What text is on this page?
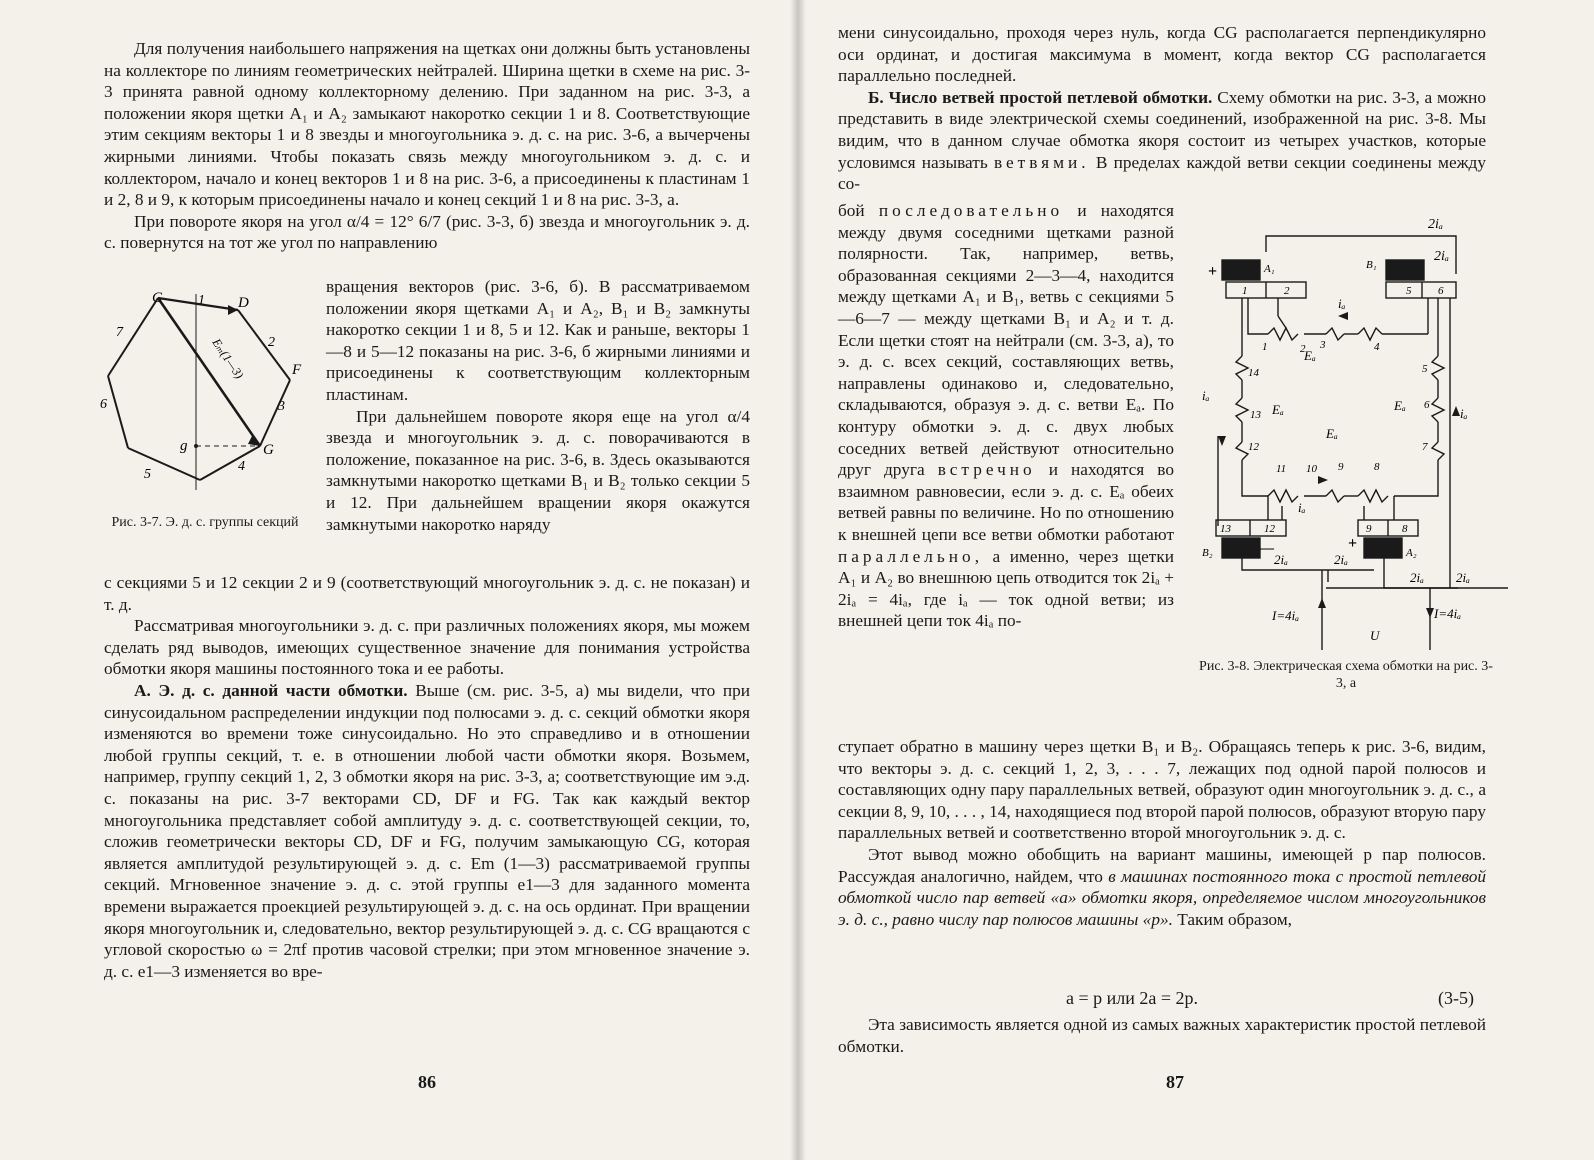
Для получения наибольшего напряжения на щетках они должны быть установлены на коллекторе по линиям геометрических нейтралей. Ширина щетки в схеме на рис. 3-3 принята равной одному коллекторному делению. При заданном на рис. 3-3, а положении якоря щетки A₁ и A₂ замыкают накоротко секции 1 и 8. Соответствующие этим секциям векторы 1 и 8 звезды и многоугольника э. д. с. на рис. 3-6, а вычерчены жирными линиями. Чтобы показать связь между многоугольником э. д. с. и коллектором, начало и конец векторов 1 и 8 на рис. 3-6, а присоединены к пластинам 1 и 2, 8 и 9, к которым присоединены начало и конец секций 1 и 8 на рис. 3-3, а.

При повороте якоря на угол α/4 = 12° 6/7 (рис. 3-3, б) звезда и многоугольник э. д. с. повернутся на тот же угол по направлению

C	D
F
G
g
1
2
3
4
5
6
7
Eₘ(1—3)
Рис. 3-7. Э. д. с. группы секций

вращения векторов (рис. 3-6, б). В рассматриваемом положении якоря щетками A₁ и A₂, B₁ и B₂ замкнуты накоротко секции 1 и 8, 5 и 12. Как и раньше, векторы 1—8 и 5—12 показаны на рис. 3-6, б жирными линиями и присоединены к соответствующим коллекторным пластинам.

При дальнейшем повороте якоря еще на угол α/4 звезда и многоугольник э. д. с. поворачиваются в положение, показанное на рис. 3-6, в. Здесь оказываются замкнутыми накоротко щетками B₁ и B₂ только секции 5 и 12. При дальнейшем вращении якоря окажутся замкнутыми накоротко наряду

с секциями 5 и 12 секции 2 и 9 (соответствующий многоугольник э. д. с. не показан) и т. д.

Рассматривая многоугольники э. д. с. при различных положениях якоря, мы можем сделать ряд выводов, имеющих существенное значение для понимания устройства обмотки якоря машины постоянного тока и ее работы.

А. Э. д. с. данной части обмотки. Выше (см. рис. 3-5, а) мы видели, что при синусоидальном распределении индукции под полюсами э. д. с. секций обмотки якоря изменяются во времени тоже синусоидально. Но это справедливо и в отношении любой группы секций, т. е. в отношении любой части обмотки якоря. Возьмем, например, группу секций 1, 2, 3 обмотки якоря на рис. 3-3, а; соответствующие им э.д. с. показаны на рис. 3-7 векторами CD, DF и FG. Так как каждый вектор многоугольника представляет собой амплитуду э. д. с. соответствующей секции, то, сложив геометрически векторы CD, DF и FG, получим замыкающую CG, которая является амплитудой результирующей э. д. с. Em (1—3) рассматриваемой группы секций. Мгновенное значение э. д. с. этой группы e1—3 для заданного момента времени выражается проекцией результирующей э. д. с. на ось ординат. При вращении якоря многоугольник и, следовательно, вектор результирующей э. д. с. CG вращаются с угловой скоростью ω = 2πf против часовой стрелки; при этом мгновенное значение э. д. с. e1—3 изменяется во вре-

86

мени синусоидально, проходя через нуль, когда CG располагается перпендикулярно оси ординат, и достигая максимума в момент, когда вектор CG располагается параллельно последней.

Б. Число ветвей простой петлевой обмотки. Схему обмотки на рис. 3-3, а можно представить в виде электрической схемы соединений, изображенной на рис. 3-8. Мы видим, что в данном случае обмотка якоря состоит из четырех участков, которые условимся называть ветвями. В пределах каждой ветви секции соединены между со-

бой последовательно и находятся между двумя соседними щетками разной полярности. Так, например, ветвь, образованная секциями 2—3—4, находится между щетками A₁ и B₁, ветвь с секциями 5—6—7 — между щетками B₁ и A₂ и т. д. Если щетки стоят на нейтрали (см. 3-3, а), то э. д. с. всех секций, составляющих ветвь, направлены одинаково и, следовательно, складываются, образуя э. д. с. ветви Eₐ. По контуру обмотки э. д. с. двух любых соседних ветвей действуют относительно друг друга встречно и находятся во взаимном равновесии, если э. д. с. Eₐ обеих ветвей равны по величине. Но по отношению к внешней цепи все ветви обмотки работают параллельно, а именно, через щетки A₁ и A₂ во внешнюю цепь отводится ток 2iₐ + 2iₐ = 4iₐ, где iₐ — ток одной ветви; из внешней цепи ток 4iₐ по-

2iₐ
+	A₁	B₁
2iₐ
1	2	5 6
1	2 3	4
iₐ
Eₐ
5
6
7
iₐ
Eₐ
14
13
12
iₐ
Eₐ
Eₐ
11 10 9	8
iₐ
13	12	9	8
B₂	—	+
A₂
2iₐ	2iₐ
2iₐ 2iₐ
I=4iₐ	I=4iₐ
U
Рис. 3-8. Электрическая схема обмотки на рис. 3-3, а

ступает обратно в машину через щетки B₁ и B₂. Обращаясь теперь к рис. 3-6, видим, что векторы э. д. с. секций 1, 2, 3, . . . 7, лежащих под одной парой полюсов и составляющих одну пару параллельных ветвей, образуют один многоугольник э. д. с., а секции 8, 9, 10, . . . , 14, находящиеся под второй парой полюсов, образуют вторую пару параллельных ветвей и соответственно второй многоугольник э. д. с.

Этот вывод можно обобщить на вариант машины, имеющей p пар полюсов. Рассуждая аналогично, найдем, что в машинах постоянного тока с простой петлевой обмоткой число пар ветвей «а» обмотки якоря, определяемое числом многоугольников э. д. с., равно числу пар полюсов машины «p». Таким образом,

a = p или 2a = 2p.	(3-5)

Эта зависимость является одной из самых важных характеристик простой петлевой обмотки.

87
